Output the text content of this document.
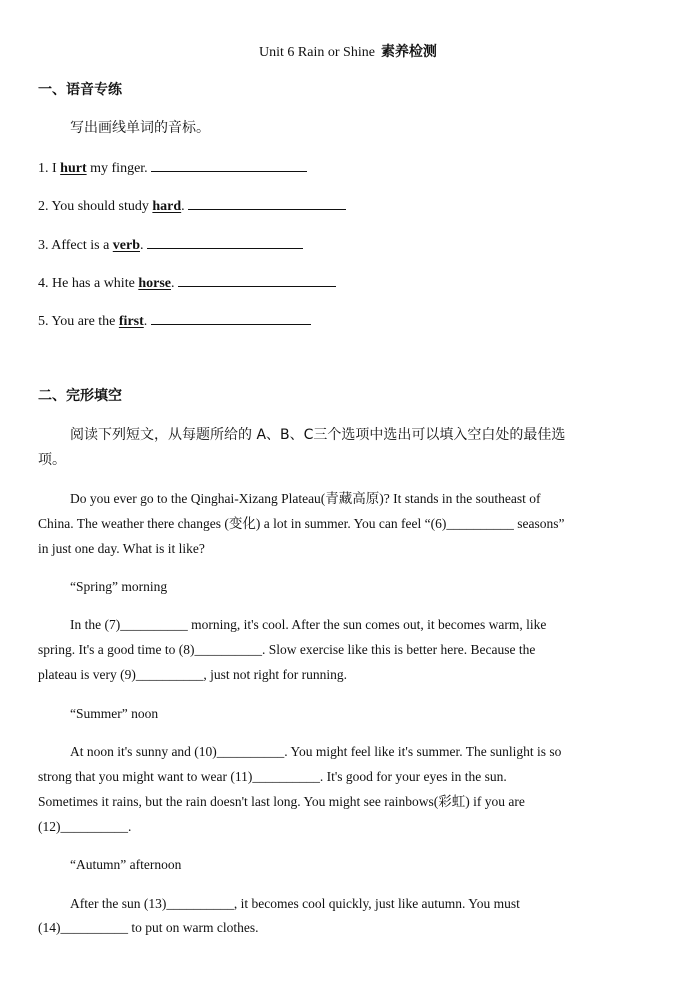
Unit 6 Rain or Shine 素养检测
一、语音专练
写出画线单词的音标。
1. I hurt my finger.
2. You should study hard.
3. Affect is a verb.
4. He has a white horse.
5. You are the first.
二、完形填空
阅读下列短文，从每题所给的 A、B、C三个选项中选出可以填入空白处的最佳选
项。
Do you ever go to the Qinghai-Xizang Plateau(青藏高原)? It stands in the southeast of
China. The weather there changes (变化) a lot in summer. You can feel “(6)__________ seasons”
in just one day. What is it like?
“Spring” morning
In the (7)__________ morning, it's cool. After the sun comes out, it becomes warm, like
spring. It's a good time to (8)__________. Slow exercise like this is better here. Because the
plateau is very (9)__________, just not right for running.
“Summer” noon
At noon it's sunny and (10)__________. You might feel like it's summer. The sunlight is so
strong that you might want to wear (11)__________. It's good for your eyes in the sun.
Sometimes it rains, but the rain doesn't last long. You might see rainbows(彩虹) if you are
(12)__________.
“Autumn” afternoon
After the sun (13)__________, it becomes cool quickly, just like autumn. You must
(14)__________ to put on warm clothes.
